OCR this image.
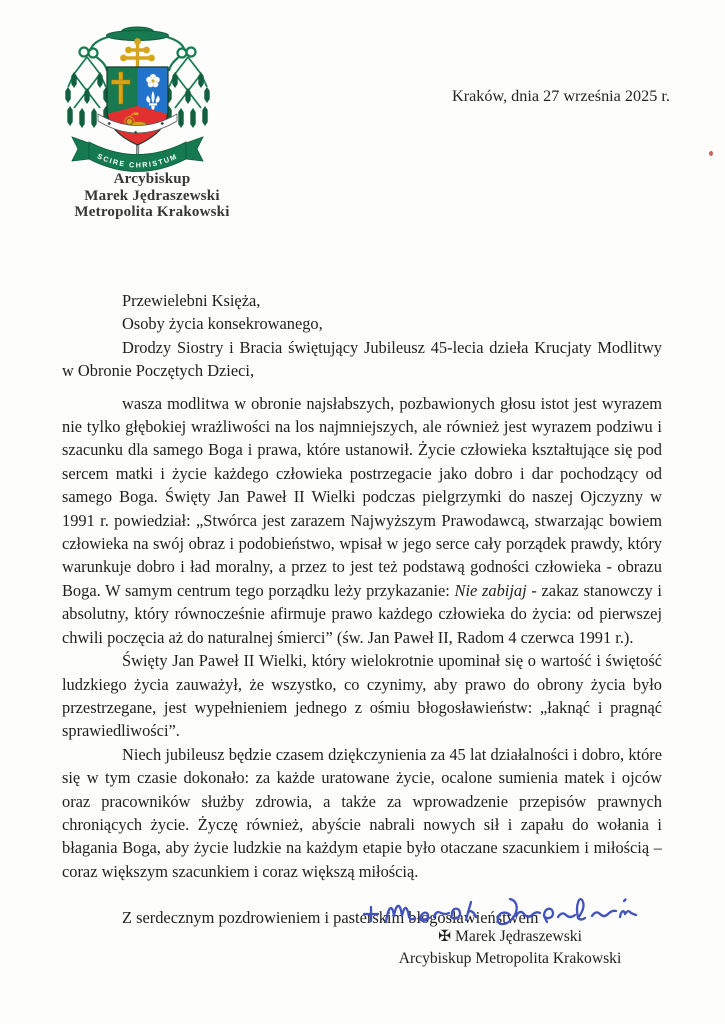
SCIRE CHRISTUM
Arcybiskup
Marek Jędraszewski
Metropolita Krakowski
Kraków, dnia 27 września 2025 r.

Przewielebni Księża,

Osoby życia konsekrowanego,

Drodzy Siostry i Bracia świętujący Jubileusz 45-lecia dzieła Krucjaty Modlitwy w Obronie Poczętych Dzieci,

wasza modlitwa w obronie najsłabszych, pozbawionych głosu istot jest wyrazem nie tylko głębokiej wrażliwości na los najmniejszych, ale również jest wyrazem podziwu i szacunku dla samego Boga i prawa, które ustanowił. Życie człowieka kształtujące się pod sercem matki i życie każdego człowieka postrzegacie jako dobro i dar pochodzący od samego Boga. Święty Jan Paweł II Wielki podczas pielgrzymki do naszej Ojczyzny w 1991 r. powiedział: „Stwórca jest zarazem Najwyższym Prawodawcą, stwarzając bowiem człowieka na swój obraz i podobieństwo, wpisał w jego serce cały porządek prawdy, który warunkuje dobro i ład moralny, a przez to jest też podstawą godności człowieka - obrazu Boga. W samym centrum tego porządku leży przykazanie: Nie zabijaj - zakaz stanowczy i absolutny, który równocześnie afirmuje prawo każdego człowieka do życia: od pierwszej chwili poczęcia aż do naturalnej śmierci” (św. Jan Paweł II, Radom 4 czerwca 1991 r.).

Święty Jan Paweł II Wielki, który wielokrotnie upominał się o wartość i świętość ludzkiego życia zauważył, że wszystko, co czynimy, aby prawo do obrony życia było przestrzegane, jest wypełnieniem jednego z ośmiu błogosławieństw: „łaknąć i pragnąć sprawiedliwości”.

Niech jubileusz będzie czasem dziękczynienia za 45 lat działalności i dobro, które się w tym czasie dokonało: za każde uratowane życie, ocalone sumienia matek i ojców oraz pracowników służby zdrowia, a także za wprowadzenie przepisów prawnych chroniących życie. Życzę również, abyście nabrali nowych sił i zapału do wołania i błagania Boga, aby życie ludzkie na każdym etapie było otaczane szacunkiem i miłością – coraz większym szacunkiem i coraz większą miłością.

Z serdecznym pozdrowieniem i pasterskim błogosławieństwem

✠ Marek Jędraszewski
Arcybiskup Metropolita Krakowski
